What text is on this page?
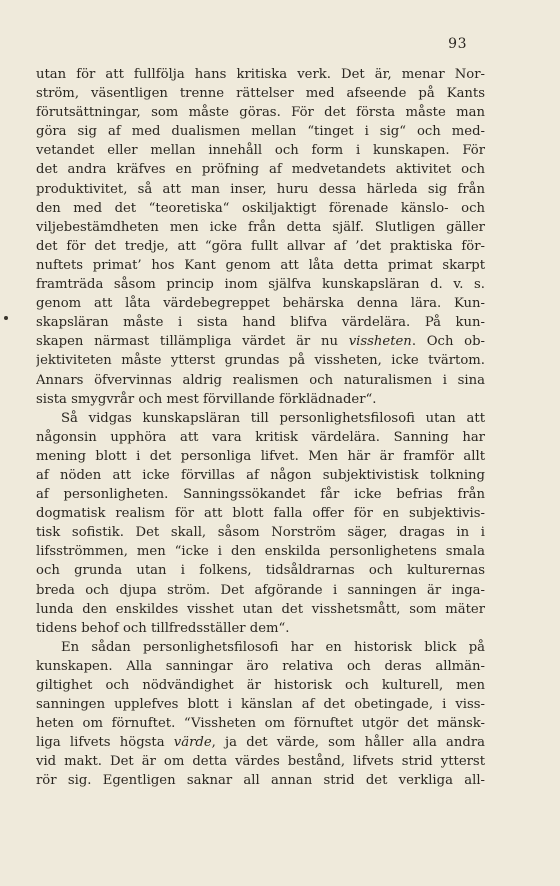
93
utan för att fullfölja hans kritiska verk. Det är, menar Nor-
ström, väsentligen trenne rättelser med afseende på Kants
förutsättningar, som måste göras. För det första måste man
göra sig af med dualismen mellan “tinget i sig“ och med-
vetandet eller mellan innehåll och form i kunskapen. För
det andra kräfves en pröfning af medvetandets aktivitet och
produktivitet, så att man inser, huru dessa härleda sig från
den med det “teoretiska“ oskiljaktigt förenade känslo- och
viljebestämdheten men icke från detta själf. Slutligen gäller
det för det tredje, att “göra fullt allvar af ’det praktiska för-
nuftets primat’ hos Kant genom att låta detta primat skarpt
framträda såsom princip inom själfva kunskapsläran d. v. s.
genom att låta värdebegreppet behärska denna lära. Kun-
skapsläran måste i sista hand blifva värdelära. På kun-
skapen närmast tillämpliga värdet är nu vissheten. Och ob-
jektiviteten måste ytterst grundas på vissheten, icke tvärtom.
Annars öfvervinnas aldrig realismen och naturalismen i sina
sista smygvrår och mest förvillande förklädnader“.
Så vidgas kunskapsläran till personlighetsfilosofi utan att
någonsin upphöra att vara kritisk värdelära. Sanning har
mening blott i det personliga lifvet. Men här är framför allt
af nöden att icke förvillas af någon subjektivistisk tolkning
af personligheten. Sanningssökandet får icke befrias från
dogmatisk realism för att blott falla offer för en subjektivis-
tisk sofistik. Det skall, såsom Norström säger, dragas in i
lifsströmmen, men “icke i den enskilda personlighetens smala
och grunda utan i folkens, tidsåldrarnas och kulturernas
breda och djupa ström. Det afgörande i sanningen är inga-
lunda den enskildes visshet utan det visshetsmått, som mäter
tidens behof och tillfredsställer dem“.
En sådan personlighetsfilosofi har en historisk blick på
kunskapen. Alla sanningar äro relativa och deras allmän-
giltighet och nödvändighet är historisk och kulturell, men
sanningen upplefves blott i känslan af det obetingade, i viss-
heten om förnuftet. “Vissheten om förnuftet utgör det mänsk-
liga lifvets högsta värde, ja det värde, som håller alla andra
vid makt. Det är om detta värdes bestånd, lifvets strid ytterst
rör sig. Egentligen saknar all annan strid det verkliga all-
